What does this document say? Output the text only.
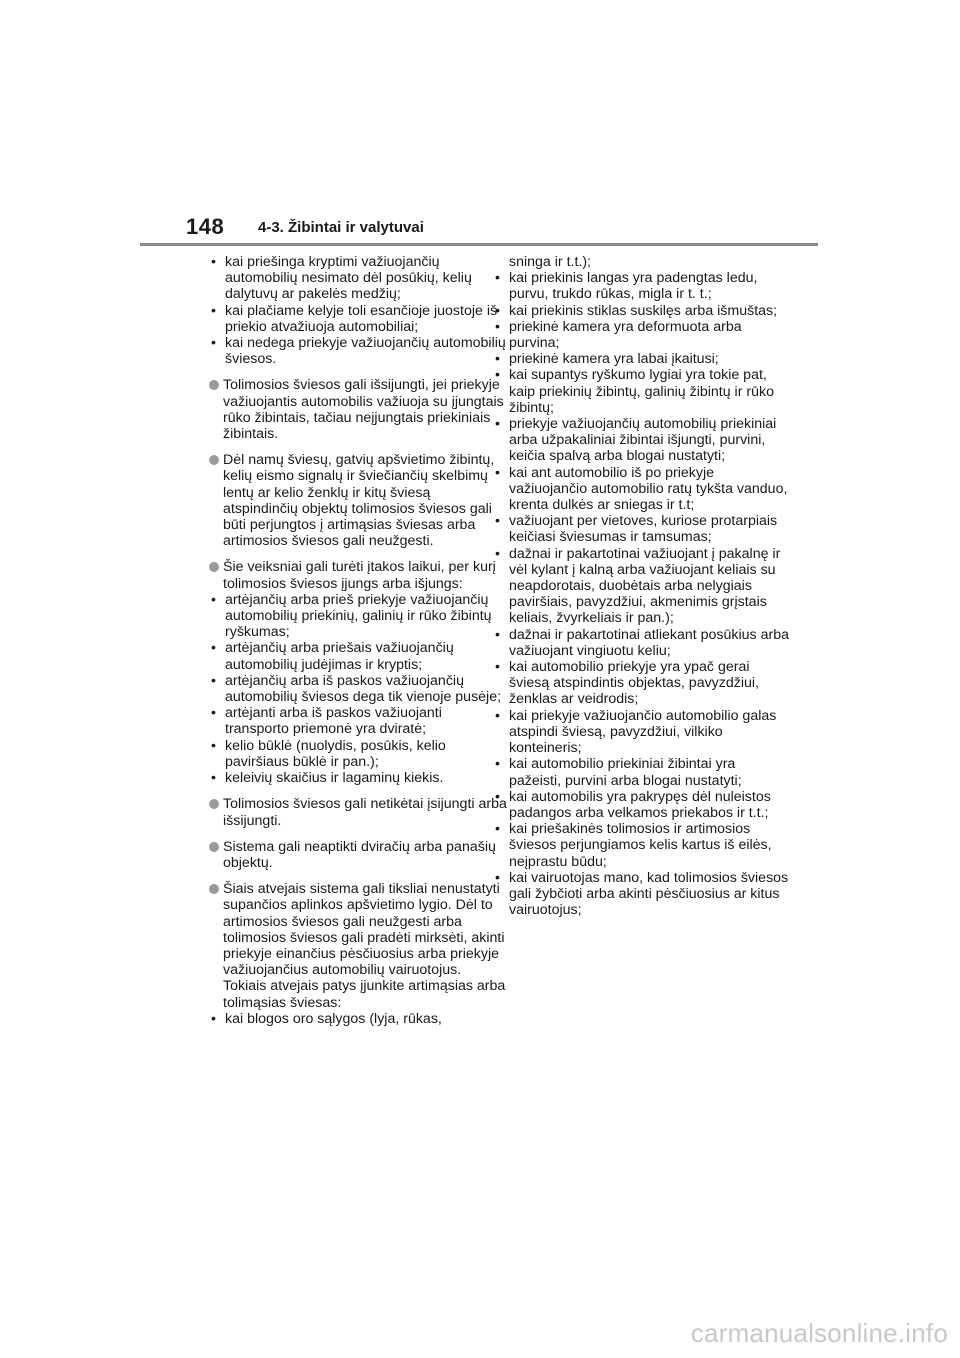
148 4-3. Žibintai ir valytuvai

• kai priešinga kryptimi važiuojančių automobilių nesimato dėl posūkių, kelių dalytuvų ar pakelės medžių;

• kai plačiame kelyje toli esančioje juostoje iš priekio atvažiuoja automobiliai;

• kai nedega priekyje važiuojančių automobilių šviesos.

Tolimosios šviesos gali išsijungti, jei priekyje važiuojantis automobilis važiuoja su įjungtais rūko žibintais, tačiau neįjungtais priekiniais žibintais.
Dėl namų šviesų, gatvių apšvietimo žibintų, kelių eismo signalų ir šviečiančių skelbimų lentų ar kelio ženklų ir kitų šviesą atspindinčių objektų tolimosios šviesos gali būti perjungtos į artimąsias šviesas arba artimosios šviesos gali neužgesti.
Šie veiksniai gali turėti įtakos laikui, per kurį tolimosios šviesos įjungs arba išjungs:

• artėjančių arba prieš priekyje važiuojančių automobilių priekinių, galinių ir rūko žibintų ryškumas;

• artėjančių arba priešais važiuojančių automobilių judėjimas ir kryptis;

• artėjančių arba iš paskos važiuojančių automobilių šviesos dega tik vienoje pusėje;

• artėjanti arba iš paskos važiuojanti transporto priemonė yra dviratė;

• kelio būklė (nuolydis, posūkis, kelio paviršiaus būklė ir pan.);

• keleivių skaičius ir lagaminų kiekis.

Tolimosios šviesos gali netikėtai įsijungti arba išsijungti.
Sistema gali neaptikti dviračių arba panašių objektų.
Šiais atvejais sistema gali tiksliai nenustatyti supančios aplinkos apšvietimo lygio. Dėl to artimosios šviesos gali neužgesti arba tolimosios šviesos gali pradėti mirksėti, akinti priekyje einančius pėsčiuosius arba priekyje važiuojančius automobilių vairuotojus. Tokiais atvejais patys įjunkite artimąsias arba tolimąsias šviesas:

• kai blogos oro sąlygos (lyja, rūkas,

sninga ir t.t.);

• kai priekinis langas yra padengtas ledu, purvu, trukdo rūkas, migla ir t. t.;

• kai priekinis stiklas suskilęs arba išmuštas;

• priekinė kamera yra deformuota arba purvina;

• priekinė kamera yra labai įkaitusi;

• kai supantys ryškumo lygiai yra tokie pat, kaip priekinių žibintų, galinių žibintų ir rūko žibintų;

• priekyje važiuojančių automobilių priekiniai arba užpakaliniai žibintai išjungti, purvini, keičia spalvą arba blogai nustatyti;

• kai ant automobilio iš po priekyje važiuojančio automobilio ratų tykšta vanduo, krenta dulkės ar sniegas ir t.t;

• važiuojant per vietoves, kuriose protarpiais keičiasi šviesumas ir tamsumas;

• dažnai ir pakartotinai važiuojant į pakalnę ir vėl kylant į kalną arba važiuojant keliais su neapdorotais, duobėtais arba nelygiais paviršiais, pavyzdžiui, akmenimis grįstais keliais, žvyrkeliais ir pan.);

• dažnai ir pakartotinai atliekant posūkius arba važiuojant vingiuotu keliu;

• kai automobilio priekyje yra ypač gerai šviesą atspindintis objektas, pavyzdžiui, ženklas ar veidrodis;

• kai priekyje važiuojančio automobilio galas atspindi šviesą, pavyzdžiui, vilkiko konteineris;

• kai automobilio priekiniai žibintai yra pažeisti, purvini arba blogai nustatyti;

• kai automobilis yra pakrypęs dėl nuleistos padangos arba velkamos priekabos ir t.t.;

• kai priešakinės tolimosios ir artimosios šviesos perjungiamos kelis kartus iš eilės, neįprastu būdu;

• kai vairuotojas mano, kad tolimosios šviesos gali žybčioti arba akinti pėsčiuosius ar kitus vairuotojus;

carmanualsonline.info
